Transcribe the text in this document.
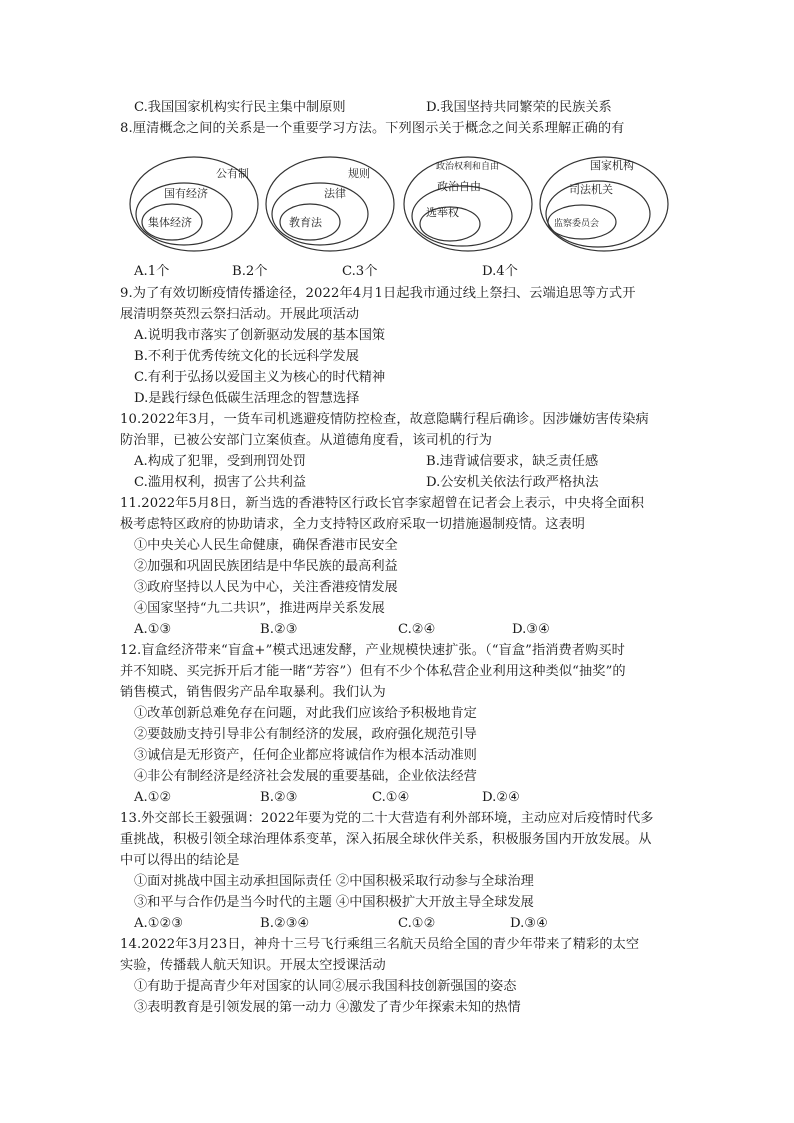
C.我国国家机构实行民主集中制原则	D.我国坚持共同繁荣的民族关系
8.厘清概念之间的关系是一个重要学习方法。下列图示关于概念之间关系理解正确的有
公有制
国有经济
集体经济
规则
法律
教育法
政治权利和自由
政治自由
选举权
国家机构
司法机关
监察委员会
A.1个	B.2个	C.3个	D.4个
9.为了有效切断疫情传播途径，2022年4月1日起我市通过线上祭扫、云端追思等方式开
展清明祭英烈云祭扫活动。开展此项活动
A.说明我市落实了创新驱动发展的基本国策
B.不利于优秀传统文化的长远科学发展
C.有利于弘扬以爱国主义为核心的时代精神
D.是践行绿色低碳生活理念的智慧选择
10.2022年3月，一货车司机逃避疫情防控检查，故意隐瞒行程后确诊。因涉嫌妨害传染病
防治罪，已被公安部门立案侦查。从道德角度看，该司机的行为
A.构成了犯罪，受到刑罚处罚	B.违背诚信要求，缺乏责任感
C.滥用权利，损害了公共利益	D.公安机关依法行政严格执法
11.2022年5月8日，新当选的香港特区行政长官李家超曾在记者会上表示，中央将全面积
极考虑特区政府的协助请求，全力支持特区政府采取一切措施遏制疫情。这表明
①中央关心人民生命健康，确保香港市民安全
②加强和巩固民族团结是中华民族的最高利益
③政府坚持以人民为中心，关注香港疫情发展
④国家坚持“九二共识”，推进两岸关系发展
A.①③	B.②③	C.②④	D.③④
12.盲盒经济带来“盲盒+”模式迅速发酵，产业规模快速扩张。（“盲盒”指消费者购买时
并不知晓、买完拆开后才能一睹“芳容”）但有不少个体私营企业利用这种类似“抽奖”的
销售模式，销售假劣产品牟取暴利。我们认为
①改革创新总难免存在问题，对此我们应该给予积极地肯定
②要鼓励支持引导非公有制经济的发展，政府强化规范引导
③诚信是无形资产，任何企业都应将诚信作为根本活动准则
④非公有制经济是经济社会发展的重要基础，企业依法经营
A.①②	B.②③	C.①④	D.②④
13.外交部长王毅强调：2022年要为党的二十大营造有利外部环境，主动应对后疫情时代多
重挑战，积极引领全球治理体系变革，深入拓展全球伙伴关系，积极服务国内开放发展。从
中可以得出的结论是
①面对挑战中国主动承担国际责任 ②中国积极采取行动参与全球治理
③和平与合作仍是当今时代的主题 ④中国积极扩大开放主导全球发展
A.①②③	B.②③④	C.①②	D.③④
14.2022年3月23日，神舟十三号飞行乘组三名航天员给全国的青少年带来了精彩的太空
实验，传播载人航天知识。开展太空授课活动
①有助于提高青少年对国家的认同②展示我国科技创新强国的姿态
③表明教育是引领发展的第一动力 ④激发了青少年探索未知的热情
